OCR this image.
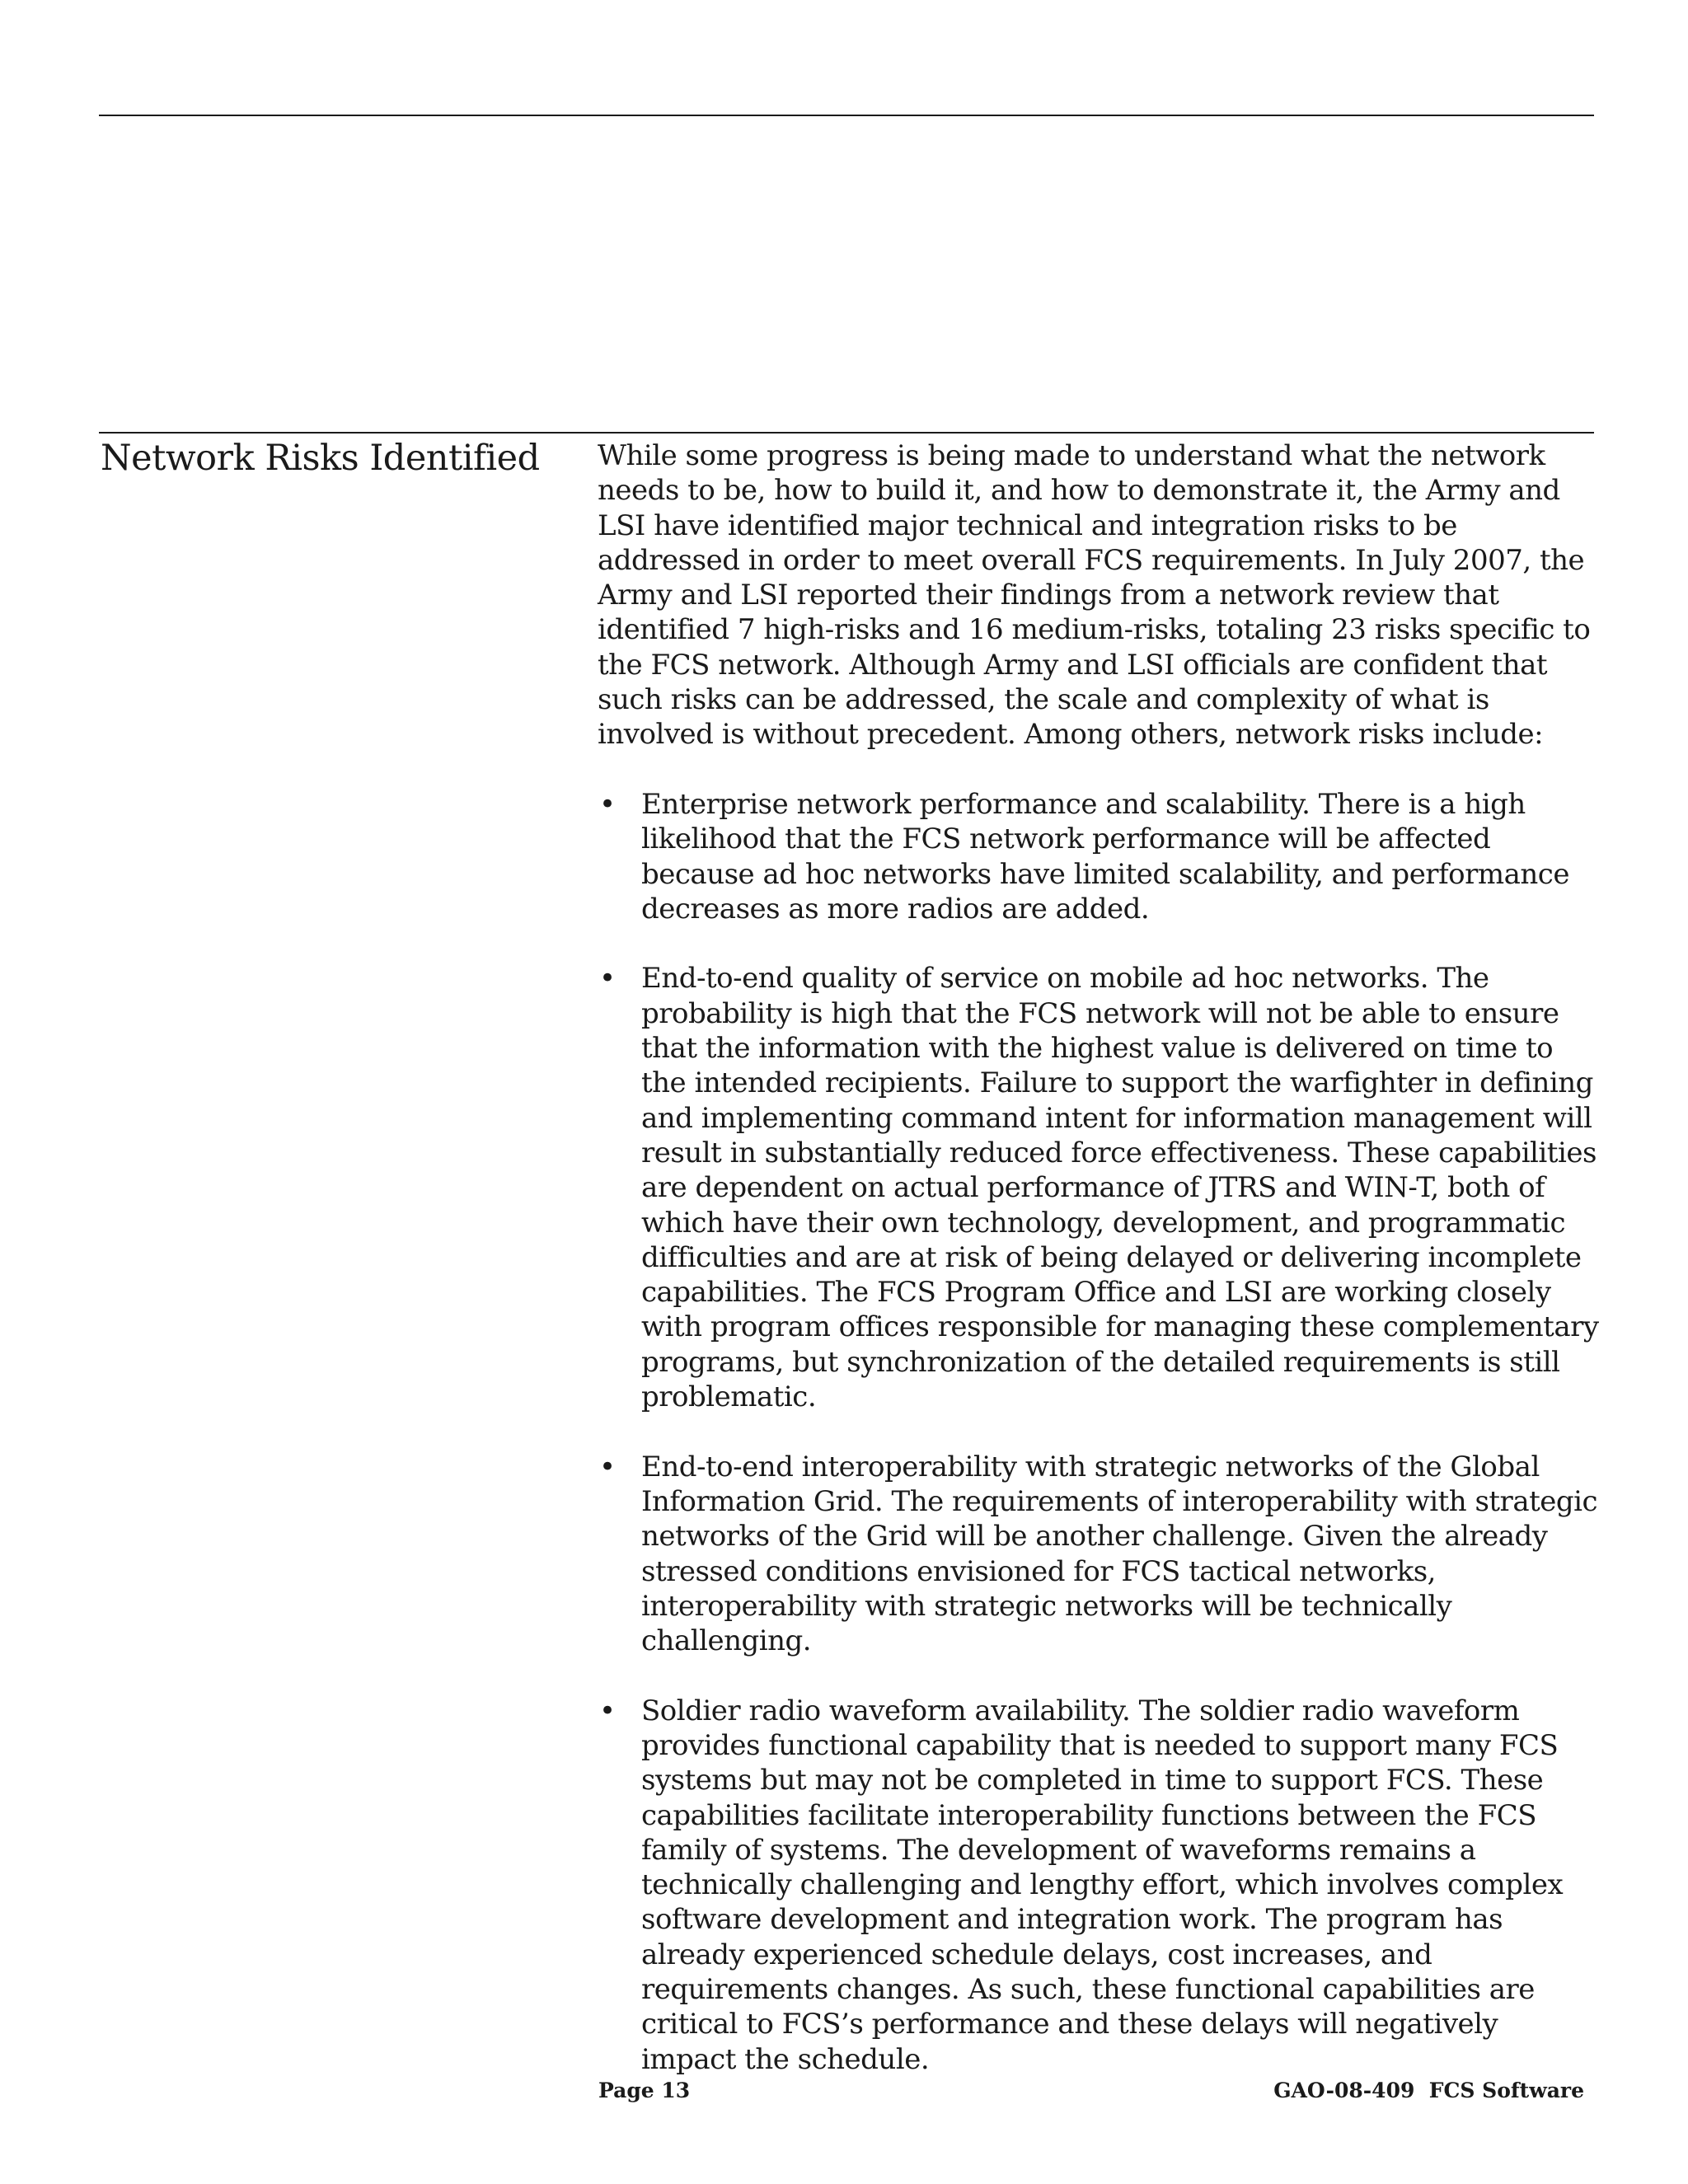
Network Risks Identified	While some progress is being made to understand what the network needs to be, how to build it, and how to demonstrate it, the Army and LSI have identified major technical and integration risks to be addressed in order to meet overall FCS requirements. In July 2007, the Army and LSI reported their findings from a network review that identified 7 high-risks and 16 medium-risks, totaling 23 risks specific to the FCS network. Although Army and LSI officials are confident that such risks can be addressed, the scale and complexity of what is involved is without precedent. Among others, network risks include:

• Enterprise network performance and scalability. There is a high likelihood that the FCS network performance will be affected because ad hoc networks have limited scalability, and performance decreases as more radios are added.
• End-to-end quality of service on mobile ad hoc networks. The probability is high that the FCS network will not be able to ensure that the information with the highest value is delivered on time to the intended recipients. Failure to support the warfighter in defining and implementing command intent for information management will result in substantially reduced force effectiveness. These capabilities are dependent on actual performance of JTRS and WIN-T, both of which have their own technology, development, and programmatic difficulties and are at risk of being delayed or delivering incomplete capabilities. The FCS Program Office and LSI are working closely with program offices responsible for managing these complementary programs, but synchronization of the detailed requirements is still problematic.
• End-to-end interoperability with strategic networks of the Global Information Grid. The requirements of interoperability with strategic networks of the Grid will be another challenge. Given the already stressed conditions envisioned for FCS tactical networks, interoperability with strategic networks will be technically challenging.
• Soldier radio waveform availability. The soldier radio waveform provides functional capability that is needed to support many FCS systems but may not be completed in time to support FCS. These capabilities facilitate interoperability functions between the FCS family of systems. The development of waveforms remains a technically challenging and lengthy effort, which involves complex software development and integration work. The program has already experienced schedule delays, cost increases, and requirements changes. As such, these functional capabilities are critical to FCS’s performance and these delays will negatively impact the schedule.
Page 13	GAO-08-409  FCS Software
